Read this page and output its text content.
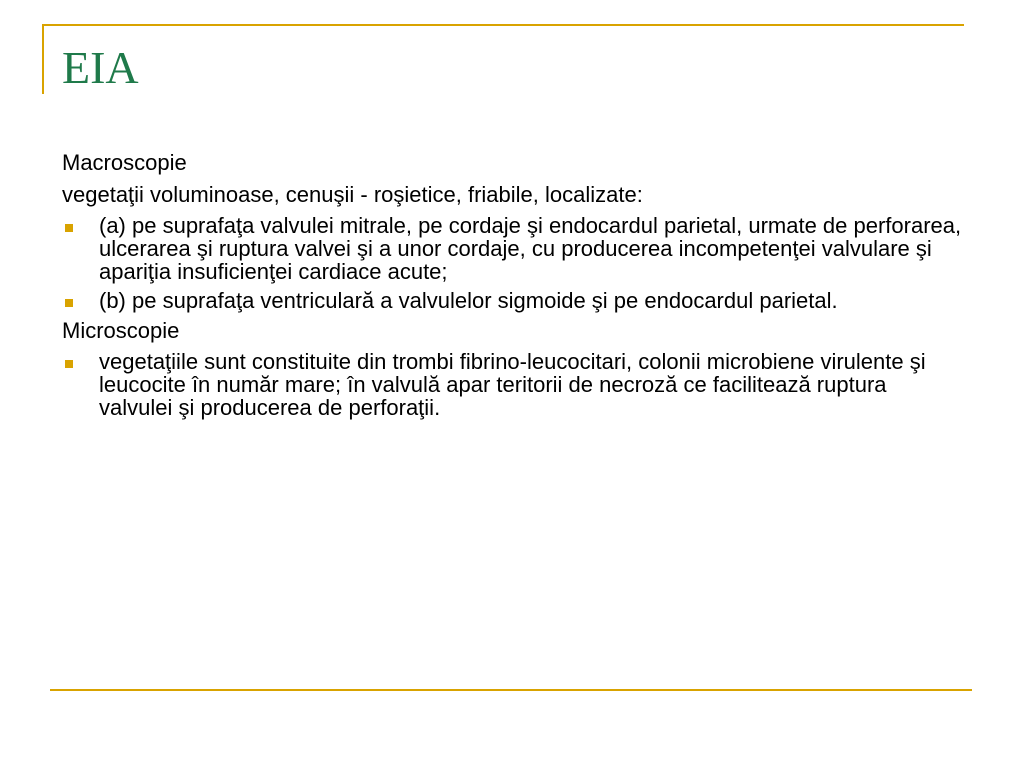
EIA

Macroscopie

vegetaţii voluminoase, cenuşii - roşietice, friabile, localizate:

(a) pe suprafaţa valvulei mitrale, pe cordaje şi endocardul parietal, urmate de perforarea, ulcerarea şi ruptura valvei şi a unor cordaje, cu producerea incompetenţei valvulare şi apariţia insuficienţei cardiace acute;
(b) pe suprafaţa ventriculară a valvulelor sigmoide şi pe endocardul parietal.

Microscopie

vegetaţiile sunt constituite din trombi fibrino-leucocitari, colonii microbiene virulente şi leucocite în număr mare; în valvulă apar teritorii de necroză ce facilitează ruptura valvulei şi producerea de perforaţii.
